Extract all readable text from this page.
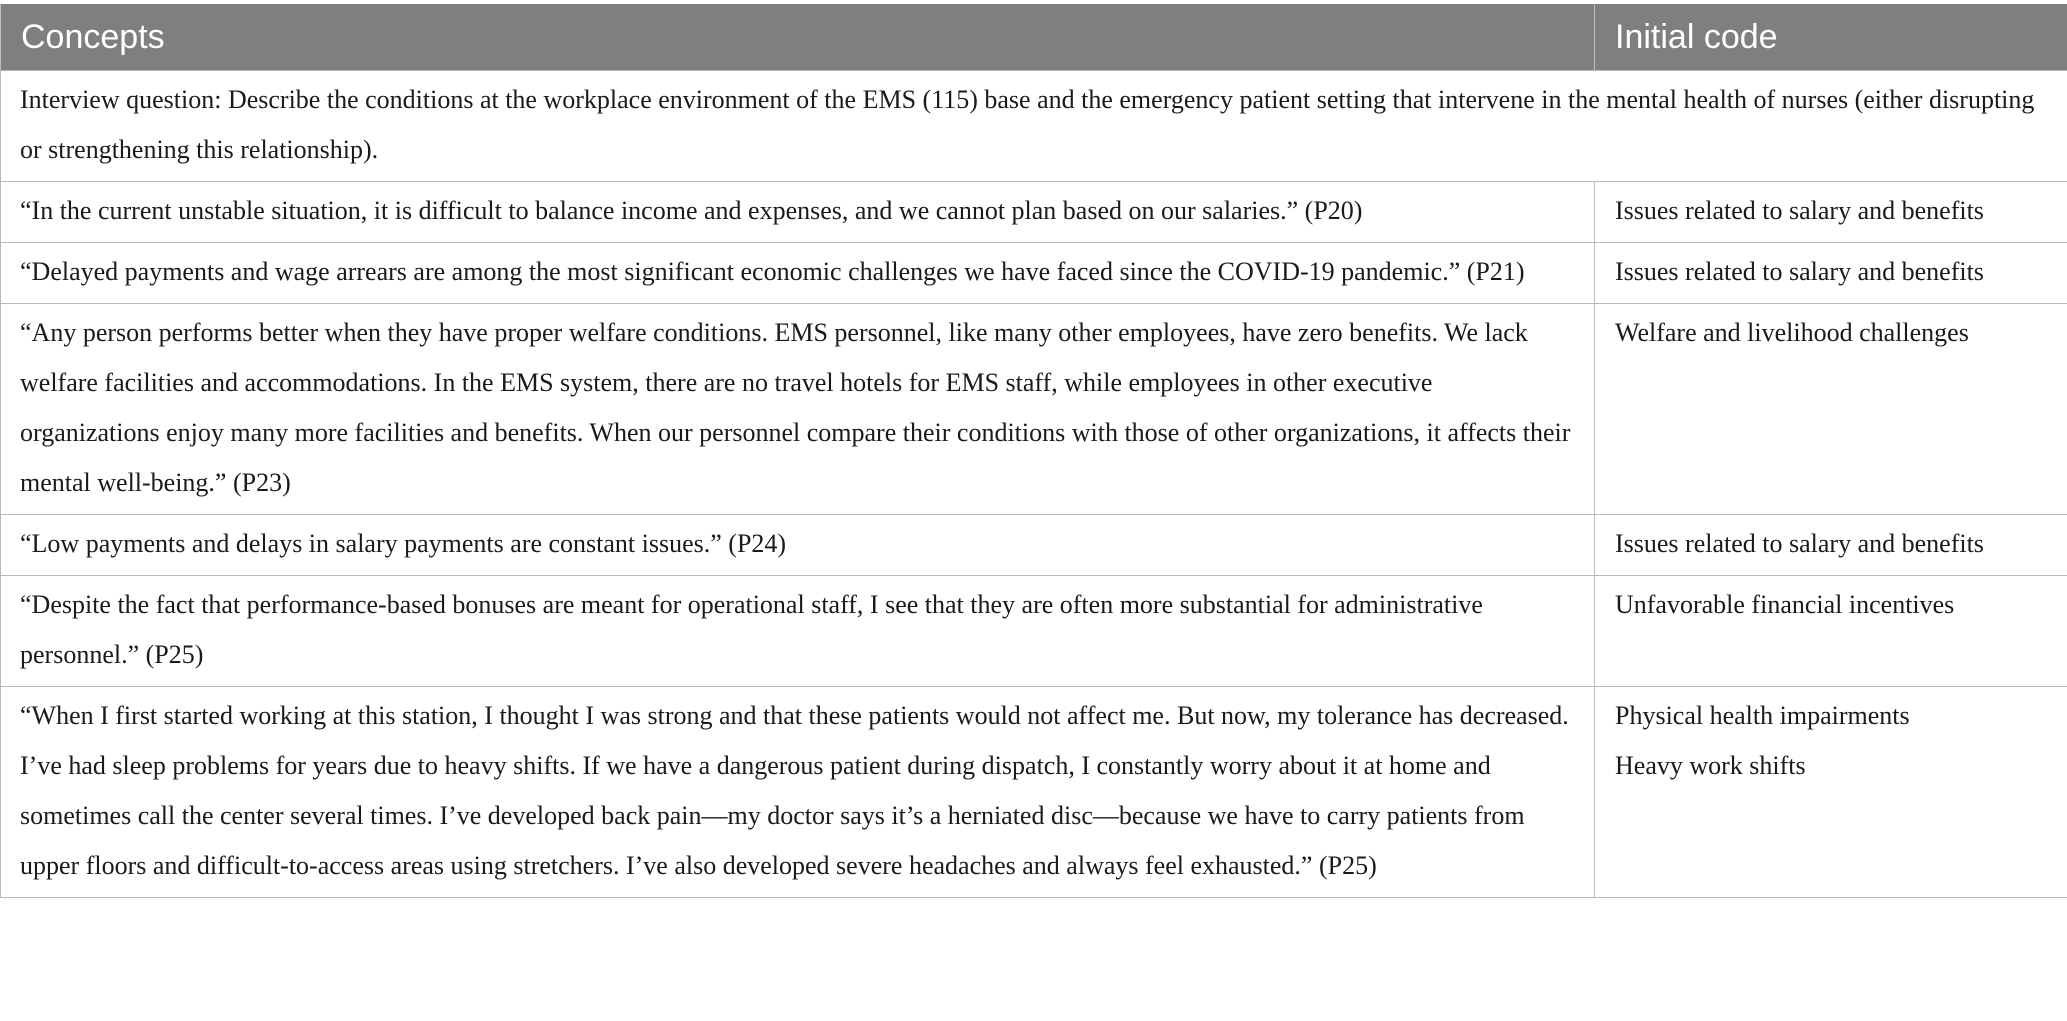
Concepts	Initial code
Interview question: Describe the conditions at the workplace environment of the EMS (115) base and the emergency patient setting that intervene in the mental health of nurses (either disrupting or strengthening this relationship).	
“In the current unstable situation, it is difficult to balance income and expenses, and we cannot plan based on our salaries.” (P20)	Issues related to salary and benefits

“Delayed payments and wage arrears are among the most significant economic challenges we have faced since the COVID-19 pandemic.” (P21)	Issues related to salary and benefits

“Any person performs better when they have proper welfare conditions. EMS personnel, like many other employees, have zero benefits. We lack welfare facilities and accommodations. In the EMS system, there are no travel hotels for EMS staff, while employees in other executive organizations enjoy many more facilities and benefits. When our personnel compare their conditions with those of other organizations, it affects their mental well-being.” (P23)	Welfare and livelihood challenges

“Low payments and delays in salary payments are constant issues.” (P24)	Issues related to salary and benefits

“Despite the fact that performance-based bonuses are meant for operational staff, I see that they are often more substantial for administrative personnel.” (P25)	Unfavorable financial incentives

“When I first started working at this station, I thought I was strong and that these patients would not affect me. But now, my tolerance has decreased. I’ve had sleep problems for years due to heavy shifts. If we have a dangerous patient during dispatch, I constantly worry about it at home and sometimes call the center several times. I’ve developed back pain—my doctor says it’s a herniated disc—because we have to carry patients from upper floors and difficult-to-access areas using stretchers. I’ve also developed severe headaches and always feel exhausted.” (P25)	Physical health impairments
Heavy work shifts
